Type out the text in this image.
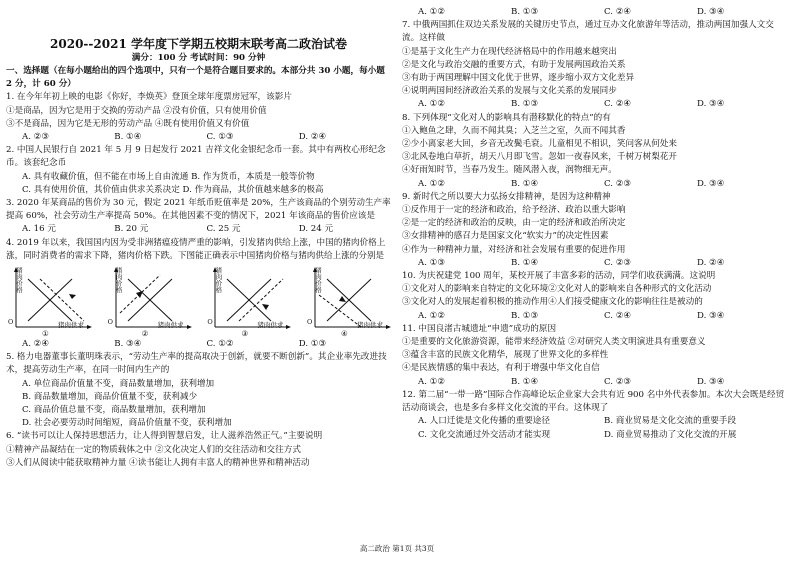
2020--2021 学年度下学期五校期末联考高二政治试卷
满分：100 分 考试时间：90 分钟
一、选择题（在每小题给出的四个选项中，只有一个是符合题目要求的。本部分共 30 小题，每小题 2 分，计 60 分）
1. 在今年年初上映的电影《你好，李焕英》登顶全球年度票房冠军，该影片
①是商品，因为它是用于交换的劳动产品 ②没有价值，只有使用价值
③不是商品，因为它是无形的劳动产品 ④既有使用价值又有价值
A. ②③	B. ①④	C. ①③	D. ②④
2. 中国人民银行自 2021 年 5 月 9 日起发行 2021 吉祥文化金银纪念币一套。其中有两枚心形纪念币。该套纪念币
A. 具有收藏价值，但不能在市场上自由流通 B. 作为货币，本质是一般等价物
C. 具有使用价值，其价值由供求关系决定 D. 作为商品，其价值越来越多的极高
3. 2020 年某商品的售价为 30 元，假定 2021 年纸币贬值率是 20%，生产该商品的个别劳动生产率提高 60%，社会劳动生产率提高 50%。在其他因素不变的情况下，2021 年该商品的售价应该是
A. 16 元	B. 20 元	C. 25 元	D. 24 元
4. 2019 年以来，我国国内因为受非洲猪瘟疫情严重的影响，引发猪肉供给上涨，中国的猪肉价格上涨，同时消费者的需求下降，猪肉价格下跌。下图能正确表示中国猪肉价格与猪肉供给上涨的分别是
猪肉价格
O	猪肉供求
①
猪肉价格
O	猪肉供求
②
猪肉价格
O	猪肉供求
③
猪肉价格
O	猪肉供求
④
A. ②④	B. ③④	C. ①②	D. ①③
5. 格力电器董事长董明珠表示，“劳动生产率的提高取决于创新，就要不断创新”。其企业率先改进技术，提高劳动生产率，在同一时间内生产的
A. 单位商品价值量不变，商品数量增加，获利增加
B. 商品数量增加，商品价值量不变，获利减少
C. 商品价值总量不变，商品数量增加，获利增加
D. 社会必要劳动时间缩短，商品价值量不变，获利增加
6. “读书可以让人保持思想活力，让人得到智慧启发，让人滋养浩然正气。”主要说明
①精神产品凝结在一定的物质载体之中 ②文化决定人们的交往活动和交往方式
③人们从阅读中能获取精神力量 ④读书能让人拥有丰富人的精神世界和精神活动
A. ①②	B. ①③	C. ②④	D. ③④
7. 中俄两国抓住双边关系发展的关键历史节点，通过互办文化旅游年等活动，推动两国加强人文交流。这样做
①是基于文化生产力在现代经济格局中的作用越来越突出
②是文化与政治交融的重要方式，有助于发展两国政治关系
③有助于两国理解中国文化优于世界，逐步缩小双方文化差异
④说明两国间经济政治关系的发展与文化关系的发展同步
A. ①②	B. ①③	C. ②④	D. ③④
8. 下列体现“文化对人的影响具有潜移默化的特点”的有
①入鲍鱼之肆，久而不闻其臭；入芝兰之室，久而不闻其香
②少小离家老大回，乡音无改鬓毛衰。儿童相见不相识，笑问客从何处来
③北风卷地白草折，胡天八月即飞雪。忽如一夜春风来，千树万树梨花开
④好雨知时节，当春乃发生。随风潜入夜，润物细无声。
A. ①②	B. ①④	C. ②③	D. ③④
9. 新时代之所以要大力弘扬女排精神，是因为这种精神
①反作用于一定的经济和政治，给予经济、政治以重大影响
②是一定的经济和政治的反映，由一定的经济和政治所决定
③女排精神的感召力是国家文化“软实力”的决定性因素
④作为一种精神力量，对经济和社会发展有重要的促进作用
A. ①③	B. ①④	C. ②③	D. ②④
10. 为庆祝建党 100 周年，某校开展了丰富多彩的活动，同学们收获满满。这说明
①文化对人的影响来自特定的文化环境②文化对人的影响来自各种形式的文化活动
③文化对人的发展起着积极的推动作用④人们接受健康文化的影响往往是被动的
A. ①②	B. ①③	C. ②④	D. ③④
11. 中国良渚古城遗址“申遗”成功的原因
①是重要的文化旅游资源，能带来经济效益 ②对研究人类文明演进具有重要意义
③蕴含丰富的民族文化精华，展现了世界文化的多样性
④是民族情感的集中表达，有利于增强中华文化自信
A. ①②	B. ①④	C. ②③	D. ③④
12. 第二届“一带一路”国际合作高峰论坛企业家大会共有近 900 名中外代表参加。本次大会既是经贸活动商谈会，也是多台多样文化交流的平台。这体现了
A. 人口迁徙是文化传播的重要途径	B. 商业贸易是文化交流的重要手段
C. 文化交流通过外交活动才能实现	D. 商业贸易推动了文化交流的开展
高二政治 第1页 共3页
